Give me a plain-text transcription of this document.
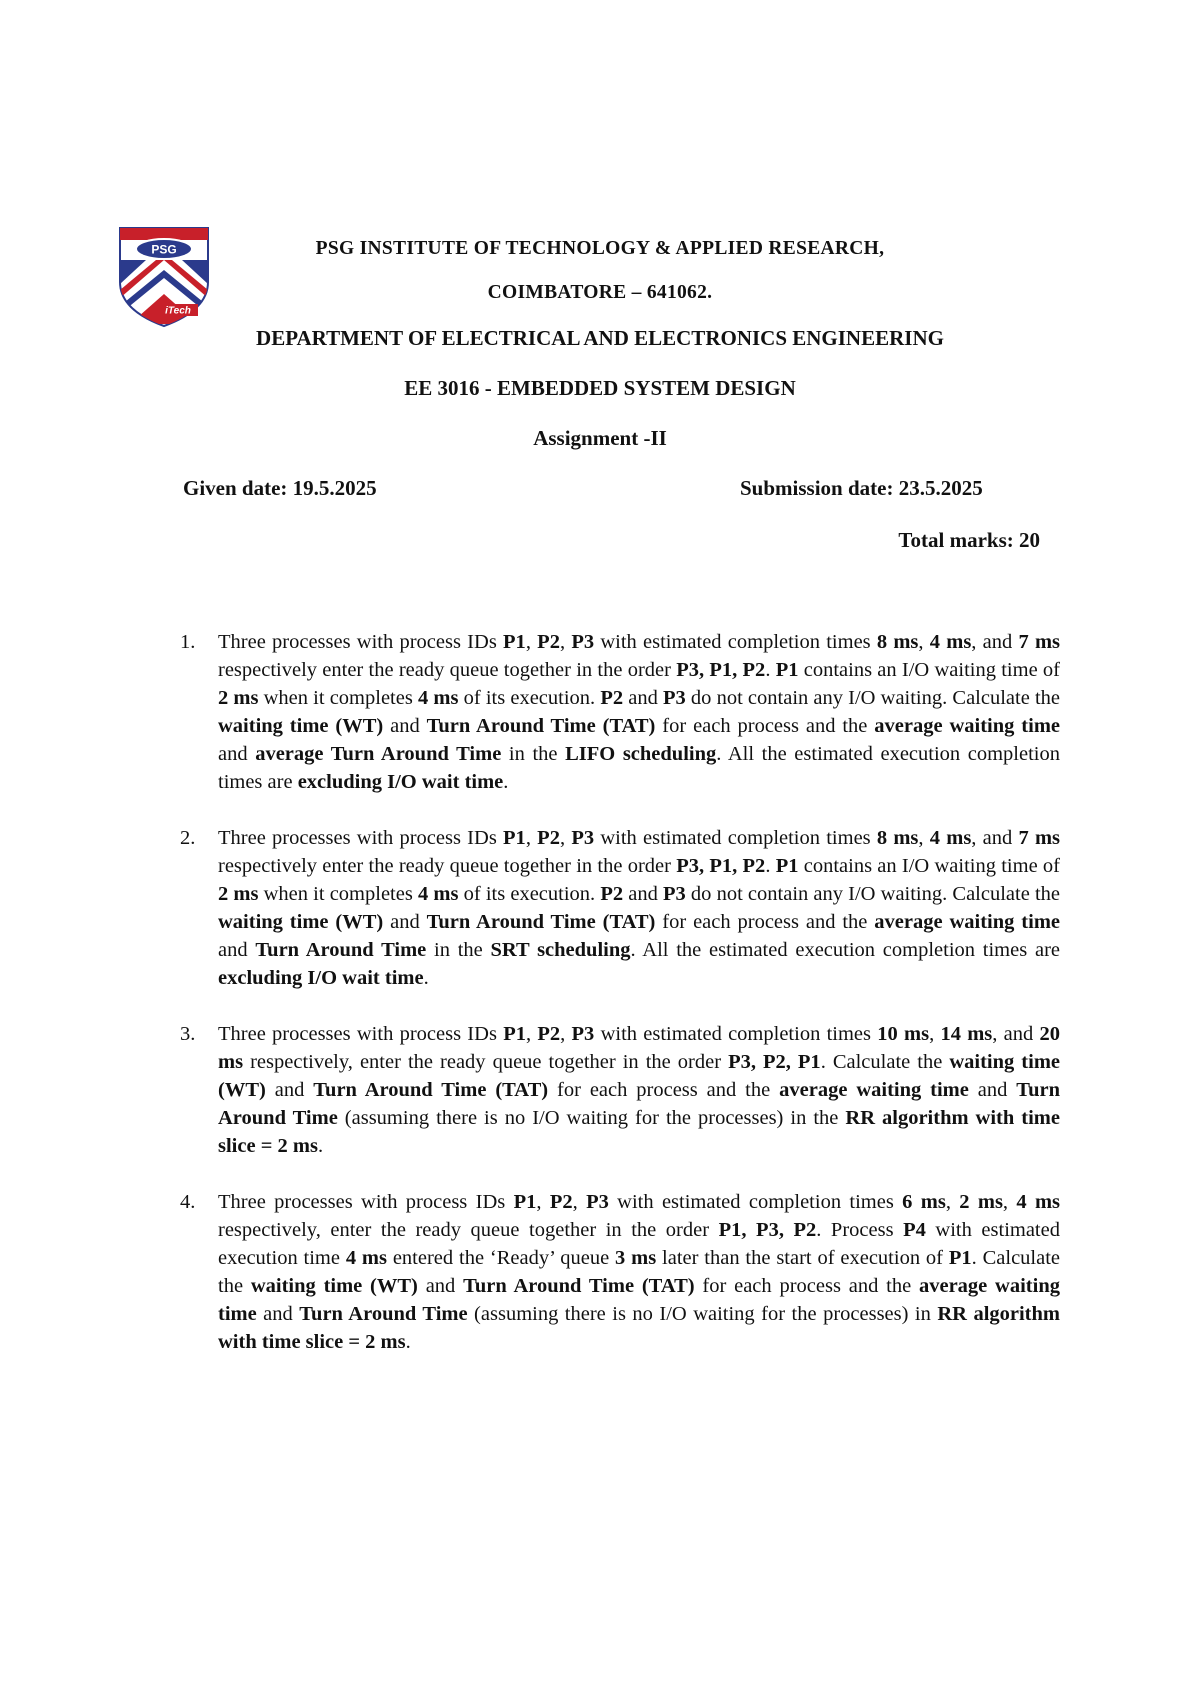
PSG
iTech
PSG INSTITUTE OF TECHNOLOGY & APPLIED RESEARCH,
COIMBATORE – 641062.
DEPARTMENT OF ELECTRICAL AND ELECTRONICS ENGINEERING
EE 3016 - EMBEDDED SYSTEM DESIGN
Assignment -II
Given date: 19.5.2025	Submission date: 23.5.2025
Total marks: 20
1. Three processes with process IDs P1, P2, P3 with estimated completion times 8 ms, 4 ms, and 7 ms respectively enter the ready queue together in the order P3, P1, P2. P1 contains an I/O waiting time of 2 ms when it completes 4 ms of its execution. P2 and P3 do not contain any I/O waiting. Calculate the waiting time (WT) and Turn Around Time (TAT) for each process and the average waiting time and average Turn Around Time in the LIFO scheduling. All the estimated execution completion times are excluding I/O wait time.
2. Three processes with process IDs P1, P2, P3 with estimated completion times 8 ms, 4 ms, and 7 ms respectively enter the ready queue together in the order P3, P1, P2. P1 contains an I/O waiting time of 2 ms when it completes 4 ms of its execution. P2 and P3 do not contain any I/O waiting. Calculate the waiting time (WT) and Turn Around Time (TAT) for each process and the average waiting time and Turn Around Time in the SRT scheduling. All the estimated execution completion times are excluding I/O wait time.
3. Three processes with process IDs P1, P2, P3 with estimated completion times 10 ms, 14 ms, and 20 ms respectively, enter the ready queue together in the order P3, P2, P1. Calculate the waiting time (WT) and Turn Around Time (TAT) for each process and the average waiting time and Turn Around Time (assuming there is no I/O waiting for the processes) in the RR algorithm with time slice = 2 ms.
4. Three processes with process IDs P1, P2, P3 with estimated completion times 6 ms, 2 ms, 4 ms respectively, enter the ready queue together in the order P1, P3, P2. Process P4 with estimated execution time 4 ms entered the ‘Ready’ queue 3 ms later than the start of execution of P1. Calculate the waiting time (WT) and Turn Around Time (TAT) for each process and the average waiting time and Turn Around Time (assuming there is no I/O waiting for the processes) in RR algorithm with time slice = 2 ms.
